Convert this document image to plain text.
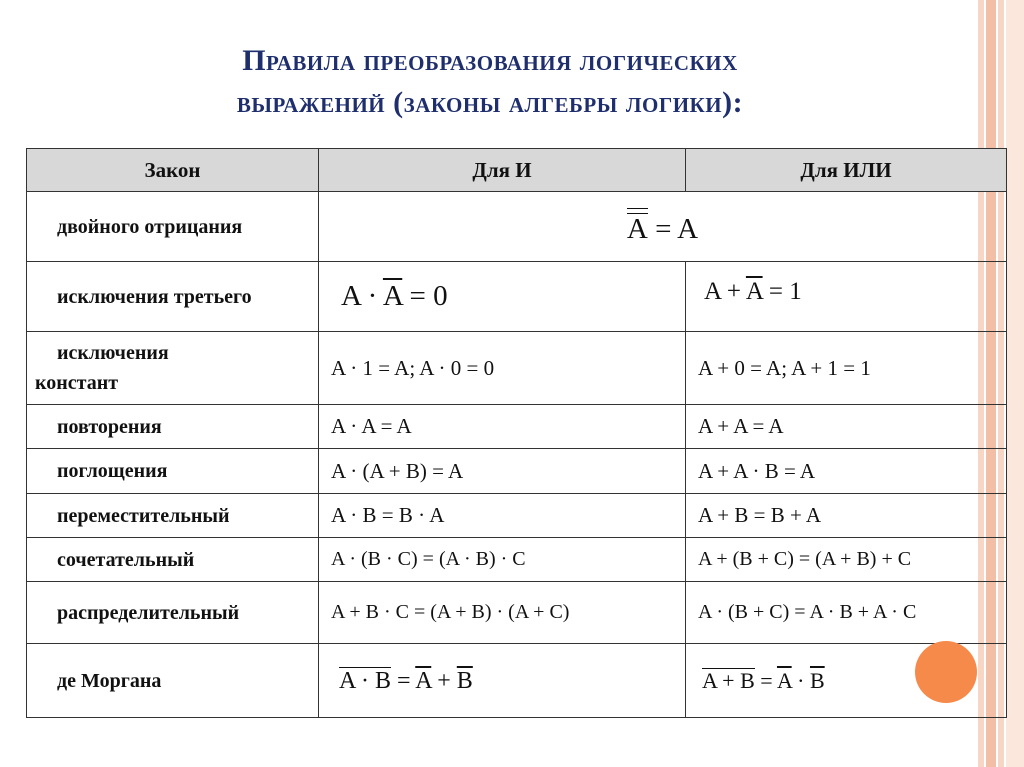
Правила преобразования логических
выражений (законы алгебры логики):
Закон	Для И	Для ИЛИ
двойного отрицания	A = A	
исключения третьего	$A \cdot \overline{A} = 0$	$A + \overline{A} = 1$

исключения
констант	A · 1 = A; A · 0 = 0	A + 0 = A; A + 1 = 1
повторения	A · A = A	A + A = A
поглощения	A · (A + B) = A	A + A · B = A
переместительный	A · B = B · A	A + B = B + A
сочетательный	A · (B · C) = (A · B) · C	A + (B + C) = (A + B) + C
распределительный	A + B · C = (A + B) · (A + C)	A · (B + C) = A · B + A · C
де Моргана	$A \cdot B = \overline{A} + \overline{B}$	$A + B = \overline{A} \cdot \overline{B}$
